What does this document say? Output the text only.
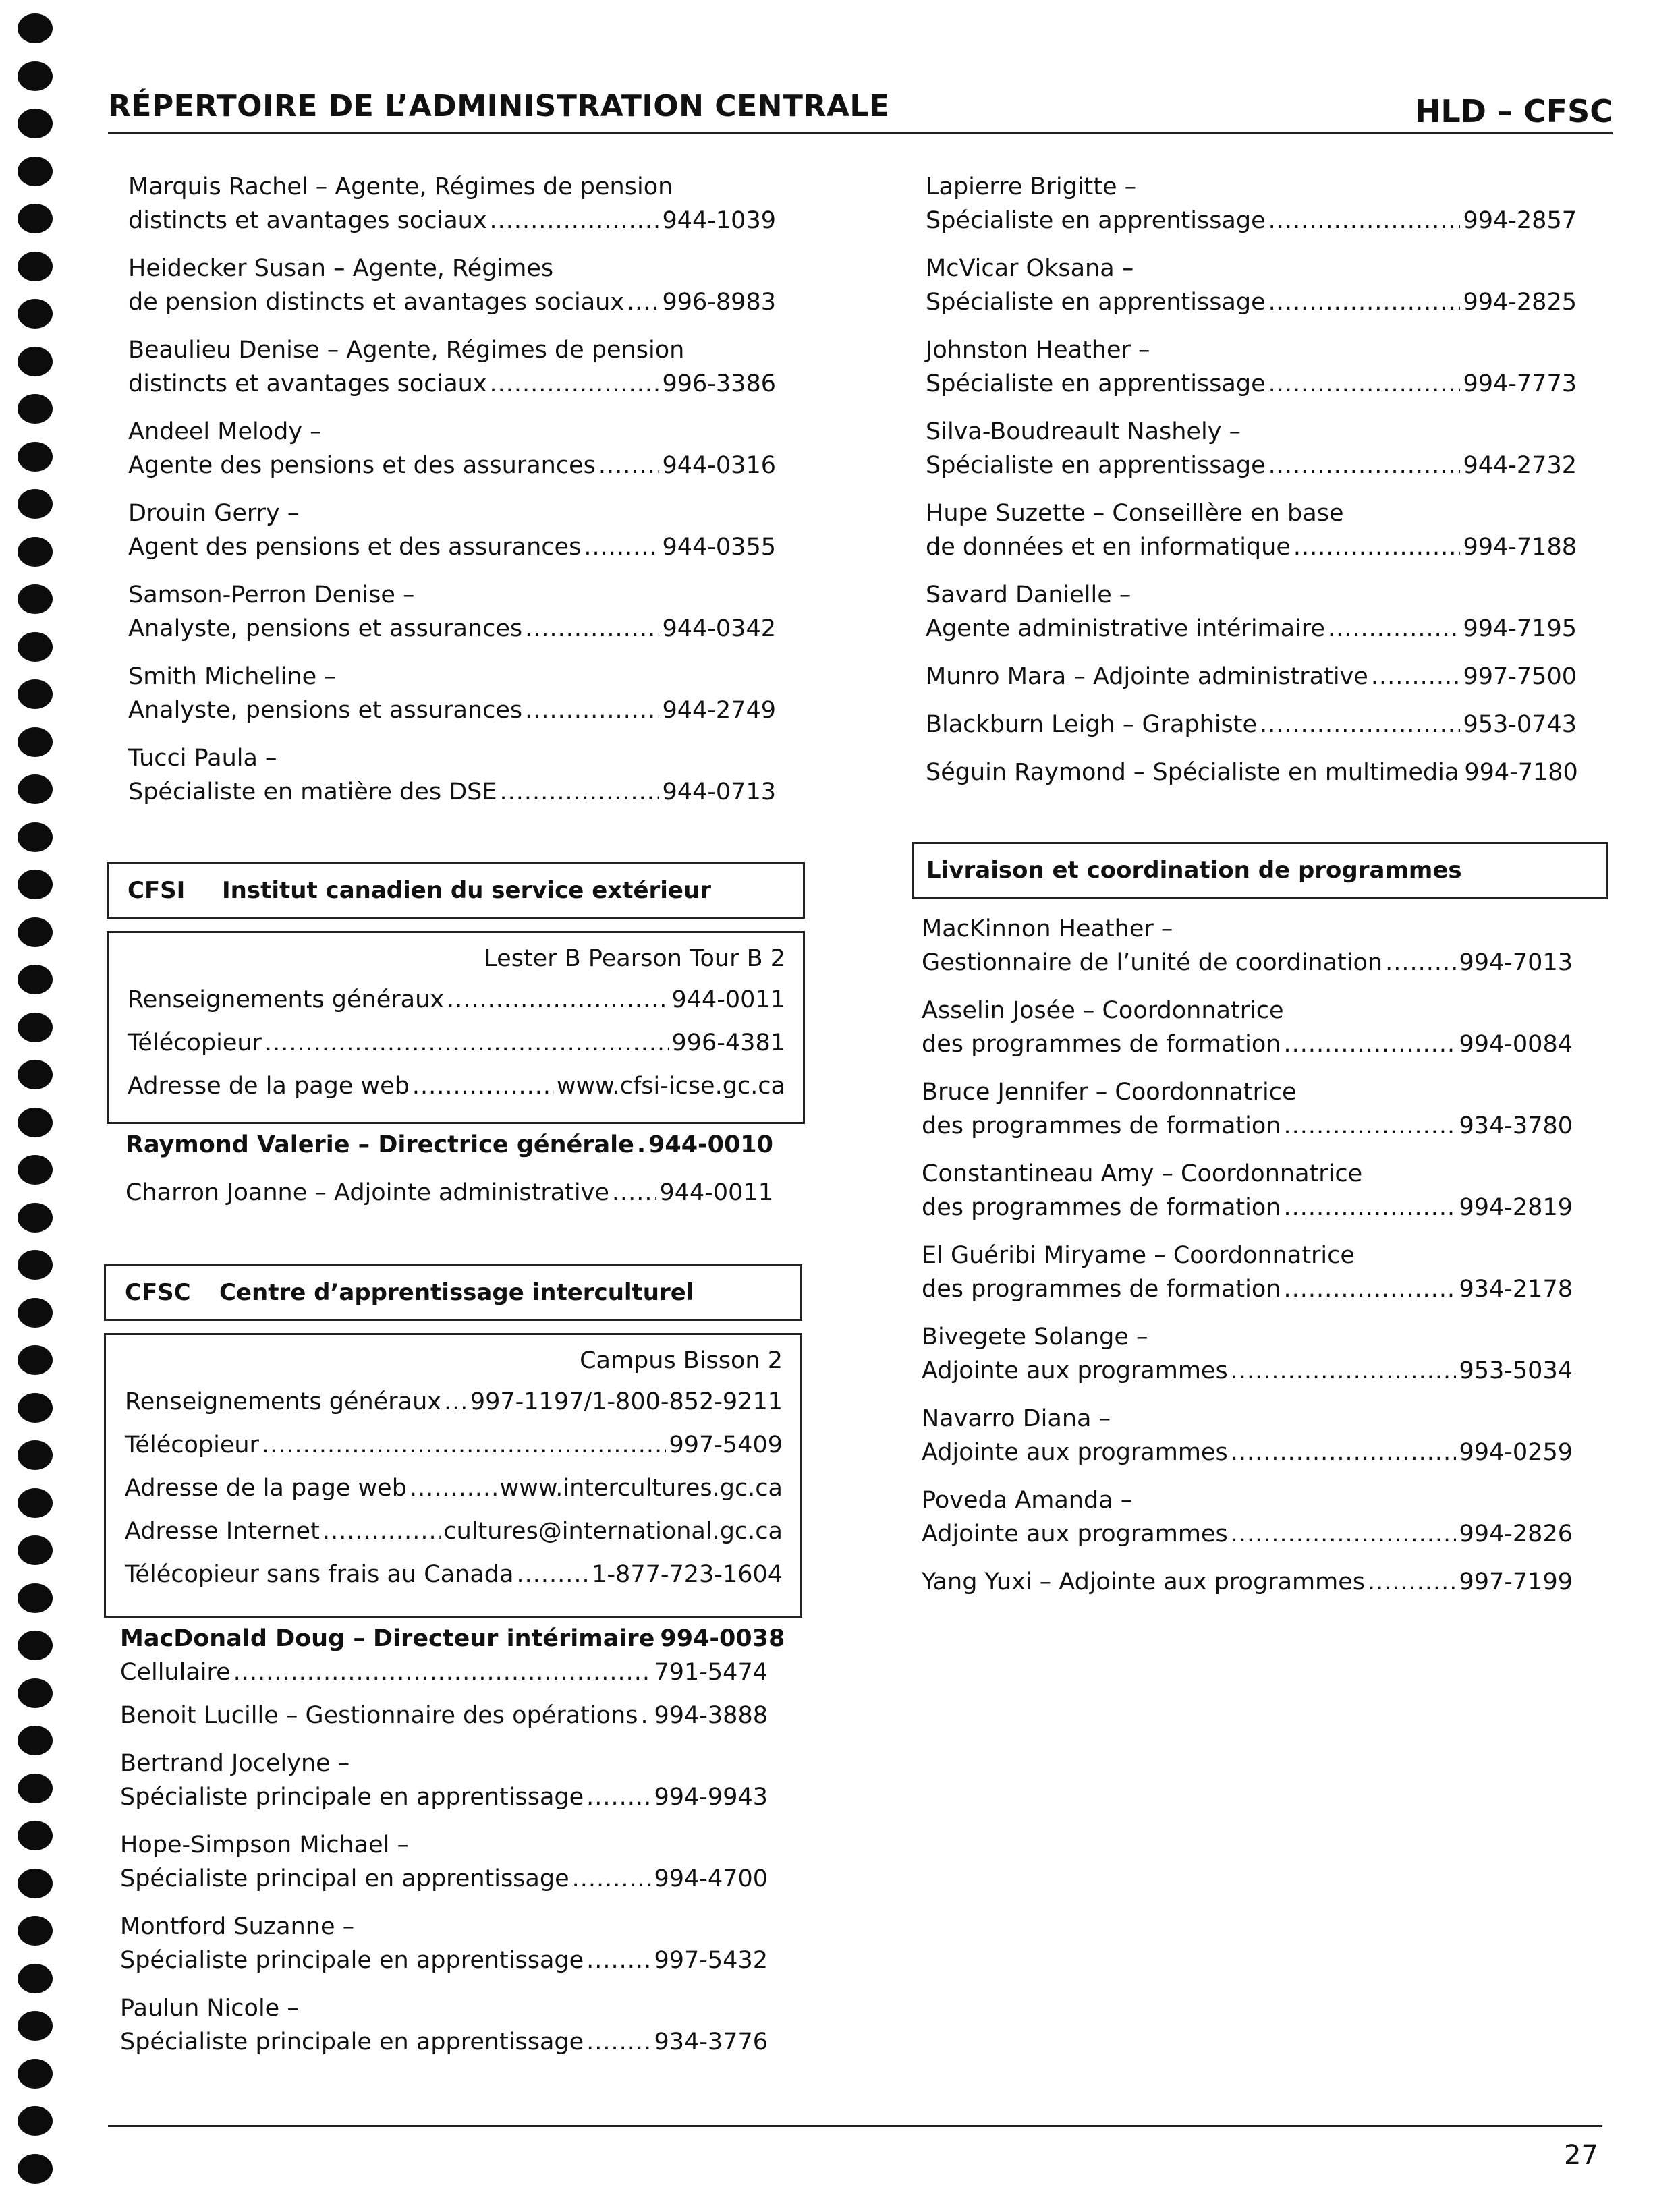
RÉPERTOIRE DE L’ADMINISTRATION CENTRALE	HLD – CFSC
Marquis Rachel – Agente, Régimes de pension
distincts et avantages sociaux .....	944-1039
Heidecker Susan – Agente, Régimes
de pension distincts et avantages sociaux ..... 996-8983
Beaulieu Denise – Agente, Régimes de pension
distincts et avantages sociaux .....	996-3386
Andeel Melody –
Agente des pensions et des assurances .....	944-0316
Drouin Gerry –
Agent des pensions et des assurances .....	944-0355
Samson-Perron Denise –
Analyste, pensions et assurances .....	944-0342
Smith Micheline –
Analyste, pensions et assurances .....	944-2749
Tucci Paula –
Spécialiste en matière des DSE .....	944-0713
CFSI Institut canadien du service extérieur
Lester B Pearson Tour B 2
Renseignements généraux .....	944-0011
Télécopieur .....	996-4381
Adresse de la page web .....	www.cfsi-icse.gc.ca
Raymond Valerie – Directrice générale ..... 944-0010
Charron Joanne – Adjointe administrative ..... 944-0011
CFSC Centre d’apprentissage interculturel
Campus Bisson 2
Renseignements généraux ..... 997-1197/1-800-852-9211
Télécopieur .....	997-5409
Adresse de la page web .....	www.intercultures.gc.ca
Adresse Internet .....	cultures@international.gc.ca
Télécopieur sans frais au Canada .....	1-877-723-1604
MacDonald Doug – Directeur intérimaire 994-0038
Cellulaire .....	791-5474
Benoit Lucille – Gestionnaire des opérations ..... 994-3888
Bertrand Jocelyne –
Spécialiste principale en apprentissage .....	994-9943
Hope-Simpson Michael –
Spécialiste principal en apprentissage .....	994-4700
Montford Suzanne –
Spécialiste principale en apprentissage .....	997-5432
Paulun Nicole –
Spécialiste principale en apprentissage .....	934-3776
Lapierre Brigitte –
Spécialiste en apprentissage .....	994-2857
McVicar Oksana –
Spécialiste en apprentissage .....	994-2825
Johnston Heather –
Spécialiste en apprentissage .....	994-7773
Silva-Boudreault Nashely –
Spécialiste en apprentissage .....	944-2732
Hupe Suzette – Conseillère en base
de données et en informatique .....	994-7188
Savard Danielle –
Agente administrative intérimaire .....	994-7195
Munro Mara – Adjointe administrative .....	997-7500
Blackburn Leigh – Graphiste .....	953-0743
Séguin Raymond – Spécialiste en multimedia 994-7180
Livraison et coordination de programmes
MacKinnon Heather –
Gestionnaire de l’unité de coordination .....	994-7013
Asselin Josée – Coordonnatrice
des programmes de formation .....	994-0084
Bruce Jennifer – Coordonnatrice
des programmes de formation .....	934-3780
Constantineau Amy – Coordonnatrice
des programmes de formation .....	994-2819
El Guéribi Miryame – Coordonnatrice
des programmes de formation .....	934-2178
Bivegete Solange –
Adjointe aux programmes .....	953-5034
Navarro Diana –
Adjointe aux programmes .....	994-0259
Poveda Amanda –
Adjointe aux programmes .....	994-2826
Yang Yuxi – Adjointe aux programmes .....	997-7199
27
